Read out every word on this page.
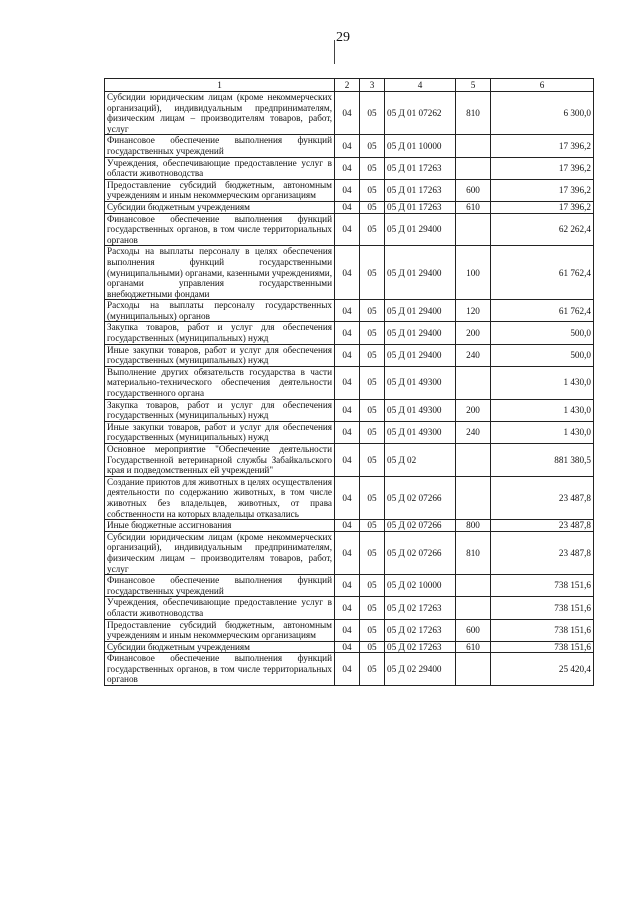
29
1	2	3	4	5	6
Субсидии юридическим лицам (кроме некоммерческих организаций), индивидуальным предпринимателям, физическим лицам – производителям товаров, работ, услуг	04	05	05 Д 01 07262	810	6 300,0
Финансовое обеспечение выполнения функций государственных учреждений	04	05	05 Д 01 10000		17 396,2
Учреждения, обеспечивающие предоставление услуг в области животноводства	04	05	05 Д 01 17263		17 396,2
Предоставление субсидий бюджетным, автономным учреждениям и иным некоммерческим организациям	04	05	05 Д 01 17263	600	17 396,2
Субсидии бюджетным учреждениям	04	05	05 Д 01 17263	610	17 396,2
Финансовое обеспечение выполнения функций государственных органов, в том числе территориальных органов	04	05	05 Д 01 29400		62 262,4
Расходы на выплаты персоналу в целях обеспечения выполнения функций государственными (муниципальными) органами, казенными учреждениями, органами управления государственными внебюджетными фондами	04	05	05 Д 01 29400	100	61 762,4
Расходы на выплаты персоналу государственных (муниципальных) органов	04	05	05 Д 01 29400	120	61 762,4
Закупка товаров, работ и услуг для обеспечения государственных (муниципальных) нужд	04	05	05 Д 01 29400	200	500,0
Иные закупки товаров, работ и услуг для обеспечения государственных (муниципальных) нужд	04	05	05 Д 01 29400	240	500,0
Выполнение других обязательств государства в части материально-технического обеспечения деятельности государственного органа	04	05	05 Д 01 49300		1 430,0
Закупка товаров, работ и услуг для обеспечения государственных (муниципальных) нужд	04	05	05 Д 01 49300	200	1 430,0
Иные закупки товаров, работ и услуг для обеспечения государственных (муниципальных) нужд	04	05	05 Д 01 49300	240	1 430,0
Основное мероприятие "Обеспечение деятельности Государственной ветеринарной службы Забайкальского края и подведомственных ей учреждений"	04	05	05 Д 02		881 380,5
Создание приютов для животных в целях осуществления деятельности по содержанию животных, в том числе животных без владельцев, животных, от права собственности на которых владельцы отказались	04	05	05 Д 02 07266		23 487,8
Иные бюджетные ассигнования	04	05	05 Д 02 07266	800	23 487,8
Субсидии юридическим лицам (кроме некоммерческих организаций), индивидуальным предпринимателям, физическим лицам – производителям товаров, работ, услуг	04	05	05 Д 02 07266	810	23 487,8
Финансовое обеспечение выполнения функций государственных учреждений	04	05	05 Д 02 10000		738 151,6
Учреждения, обеспечивающие предоставление услуг в области животноводства	04	05	05 Д 02 17263		738 151,6
Предоставление субсидий бюджетным, автономным учреждениям и иным некоммерческим организациям	04	05	05 Д 02 17263	600	738 151,6
Субсидии бюджетным учреждениям	04	05	05 Д 02 17263	610	738 151,6
Финансовое обеспечение выполнения функций государственных органов, в том числе территориальных органов	04	05	05 Д 02 29400		25 420,4
